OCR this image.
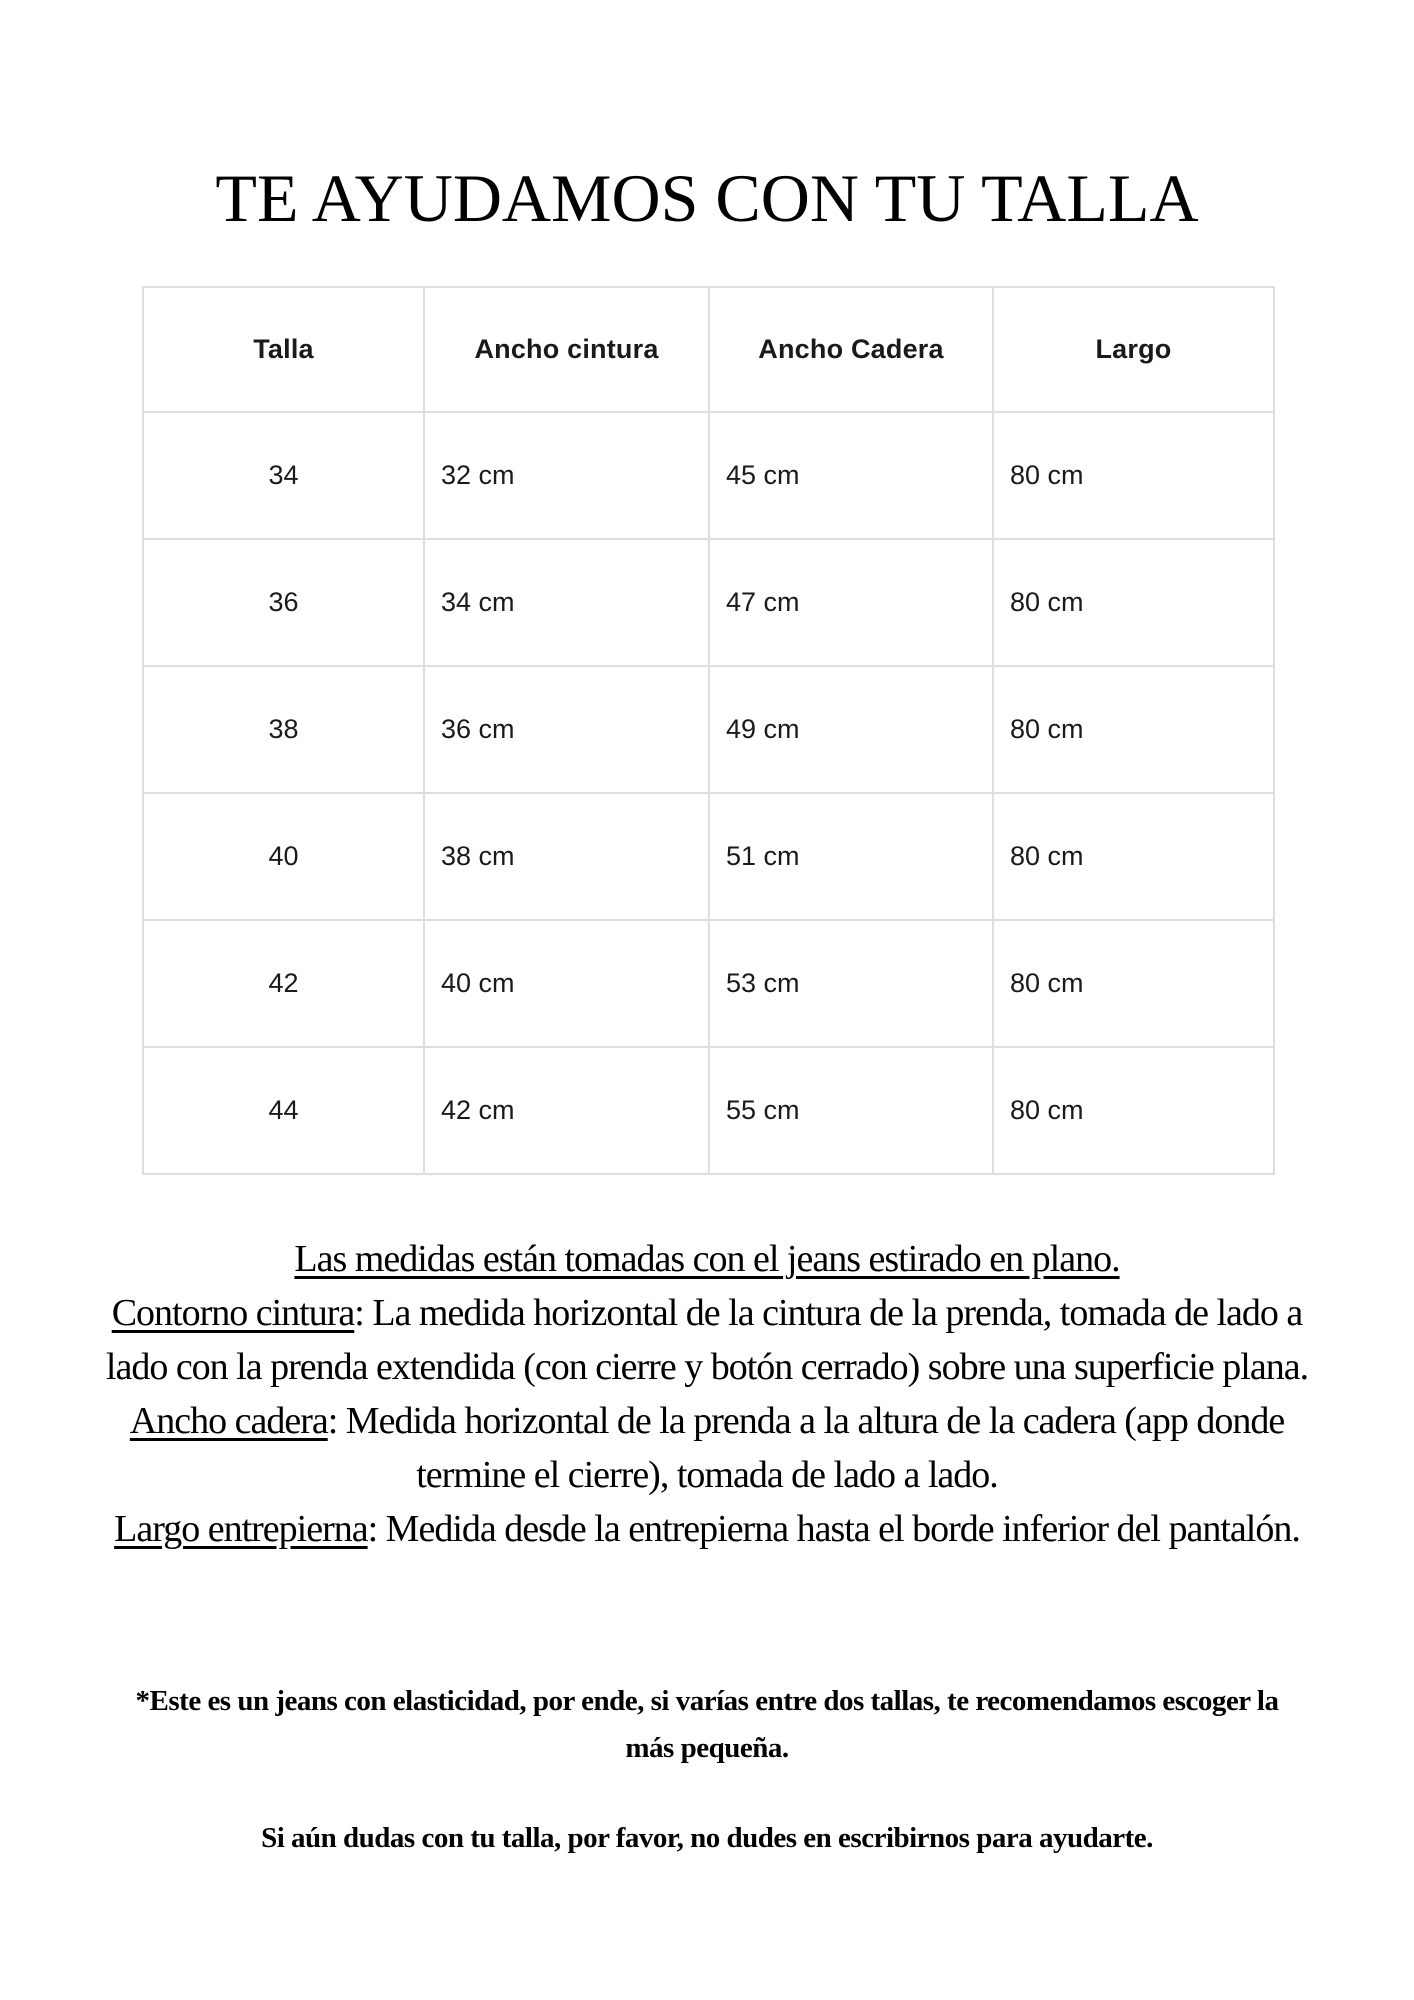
TE AYUDAMOS CON TU TALLA
Talla	Ancho cintura	Ancho Cadera	Largo
34	32 cm	45 cm	80 cm
36	34 cm	47 cm	80 cm
38	36 cm	49 cm	80 cm
40	38 cm	51 cm	80 cm
42	40 cm	53 cm	80 cm
44	42 cm	55 cm	80 cm
Las medidas están tomadas con el jeans estirado en plano.
Contorno cintura: La medida horizontal de la cintura de la prenda, tomada de lado a
lado con la prenda extendida (con cierre y botón cerrado) sobre una superficie plana.
Ancho cadera: Medida horizontal de la prenda a la altura de la cadera (app donde
termine el cierre), tomada de lado a lado.
Largo entrepierna: Medida desde la entrepierna hasta el borde inferior del pantalón.
*Este es un jeans con elasticidad, por ende, si varías entre dos tallas, te recomendamos escoger la
más pequeña.
Si aún dudas con tu talla, por favor, no dudes en escribirnos para ayudarte.
